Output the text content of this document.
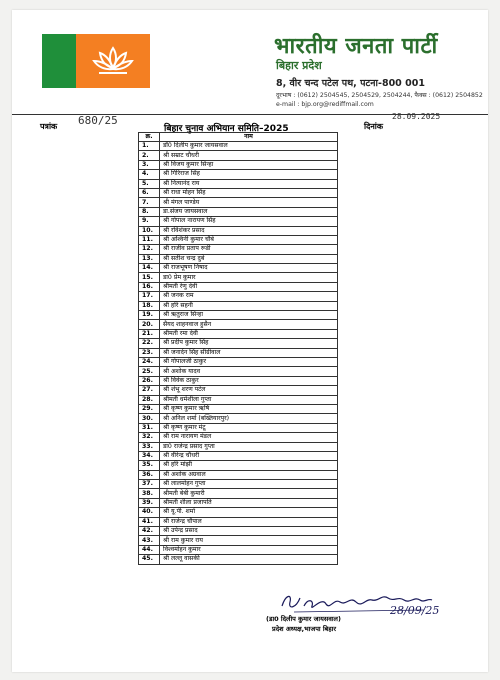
भारतीय जनता पार्टी
बिहार प्रदेश
8, वीर चन्द पटेल पथ, पटना-800 001
दूरभाष : (0612) 2504545, 2504529, 2504244, फैक्स : (0612) 2504852
e-mail : bjp.org@rediffmail.com
पत्रांक 680/25
बिहार चुनाव अभियान समिति–2025	दिनांक
28.09.2025
क्र.	नाम
1.	डॉ0 दिलीप कुमार जायसवाल
2.	श्री सम्राट चौधरी
3.	श्री विजय कुमार सिन्हा
4.	श्री गिरिराज सिंह
5.	श्री नित्यानंद राय
6.	श्री राधा मोहन सिंह
7.	श्री मंगल पाण्डेय
8.	डा.संजय जायसवाल
9.	श्री गोपाल नारायण सिंह
10.	श्री रविशंकर प्रसाद
11.	श्री अश्विनी कुमार चौबे
12.	श्री राजीव प्रताप रूडी
13.	श्री सतीश चन्द्र दुबे
14.	श्री राजभूषण निषाद
15.	डा0 प्रेम कुमार
16.	श्रीमती रेणु देवी
17.	श्री जनक राम
18.	श्री हरि सहनी
19.	श्री ऋतुराज सिन्हा
20.	सैयद शाहनवाज हुसैन
21.	श्रीमती रमा देवी
22.	श्री प्रदीप कुमार सिंह
23.	श्री जनार्दन सिंह सीग्रीवाल
24.	श्री गोपालजी ठाकुर
25.	श्री अशोक यादव
26.	श्री विवेक ठाकुर
27.	श्री शंभू शरण पटेल
28.	श्रीमती धर्मशीला गुप्ता
29.	श्री कृष्ण कुमार ऋषि
30.	श्री अनिल शर्मा (बख्तियारपुर)
31.	श्री कृष्ण कुमार मंटू
32.	श्री राम नारायण मंडल
33.	डा0 राजेन्द्र प्रसाद गुप्ता
34.	श्री वीरेन्द्र चौधरी
35.	श्री हरि मांझी
36.	श्री अशोक अग्रवाल
37.	श्री लालमोहन गुप्ता
38.	श्रीमती बेबी कुमारी
39.	श्रीमती शीला प्रजापति
40.	श्री यू.पी. शर्मा
41.	श्री राजेन्द्र चौपाल
42.	श्री उपेन्द्र प्रसाद
43.	श्री राम कुमार राय
44.	विश्वमोहन कुमार
45.	श्री लल्लू वासकी
28/09/25
(डा0 दिलीप कुमार जायसवाल)
प्रदेश अध्यक्ष,भाजपा बिहार
